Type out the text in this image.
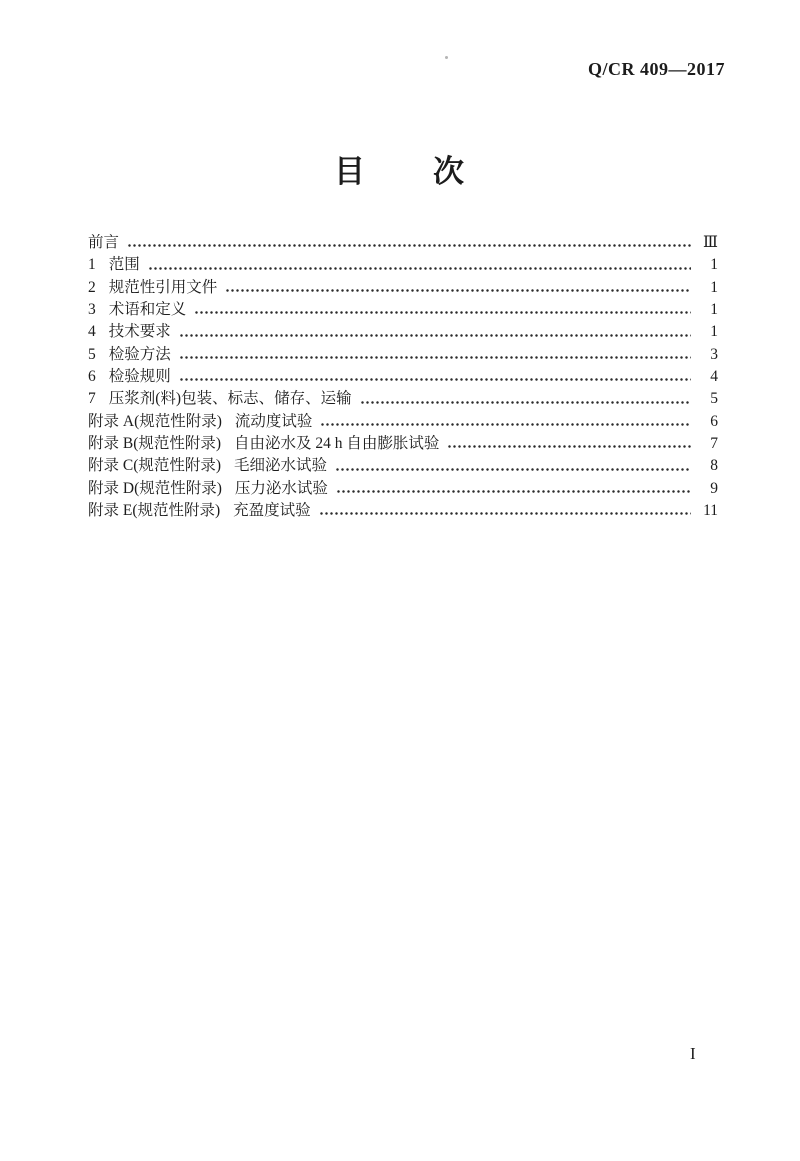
Q/CR 409—2017
目　　次
前言	Ⅲ
1 范围	1
2 规范性引用文件	1
3 术语和定义	1
4 技术要求	1
5 检验方法	3
6 检验规则	4
7 压浆剂(料)包装、标志、储存、运输	5
附录 A(规范性附录) 流动度试验	6
附录 B(规范性附录) 自由泌水及 24 h 自由膨胀试验	7
附录 C(规范性附录) 毛细泌水试验	8
附录 D(规范性附录) 压力泌水试验	9
附录 E(规范性附录) 充盈度试验	11
I
